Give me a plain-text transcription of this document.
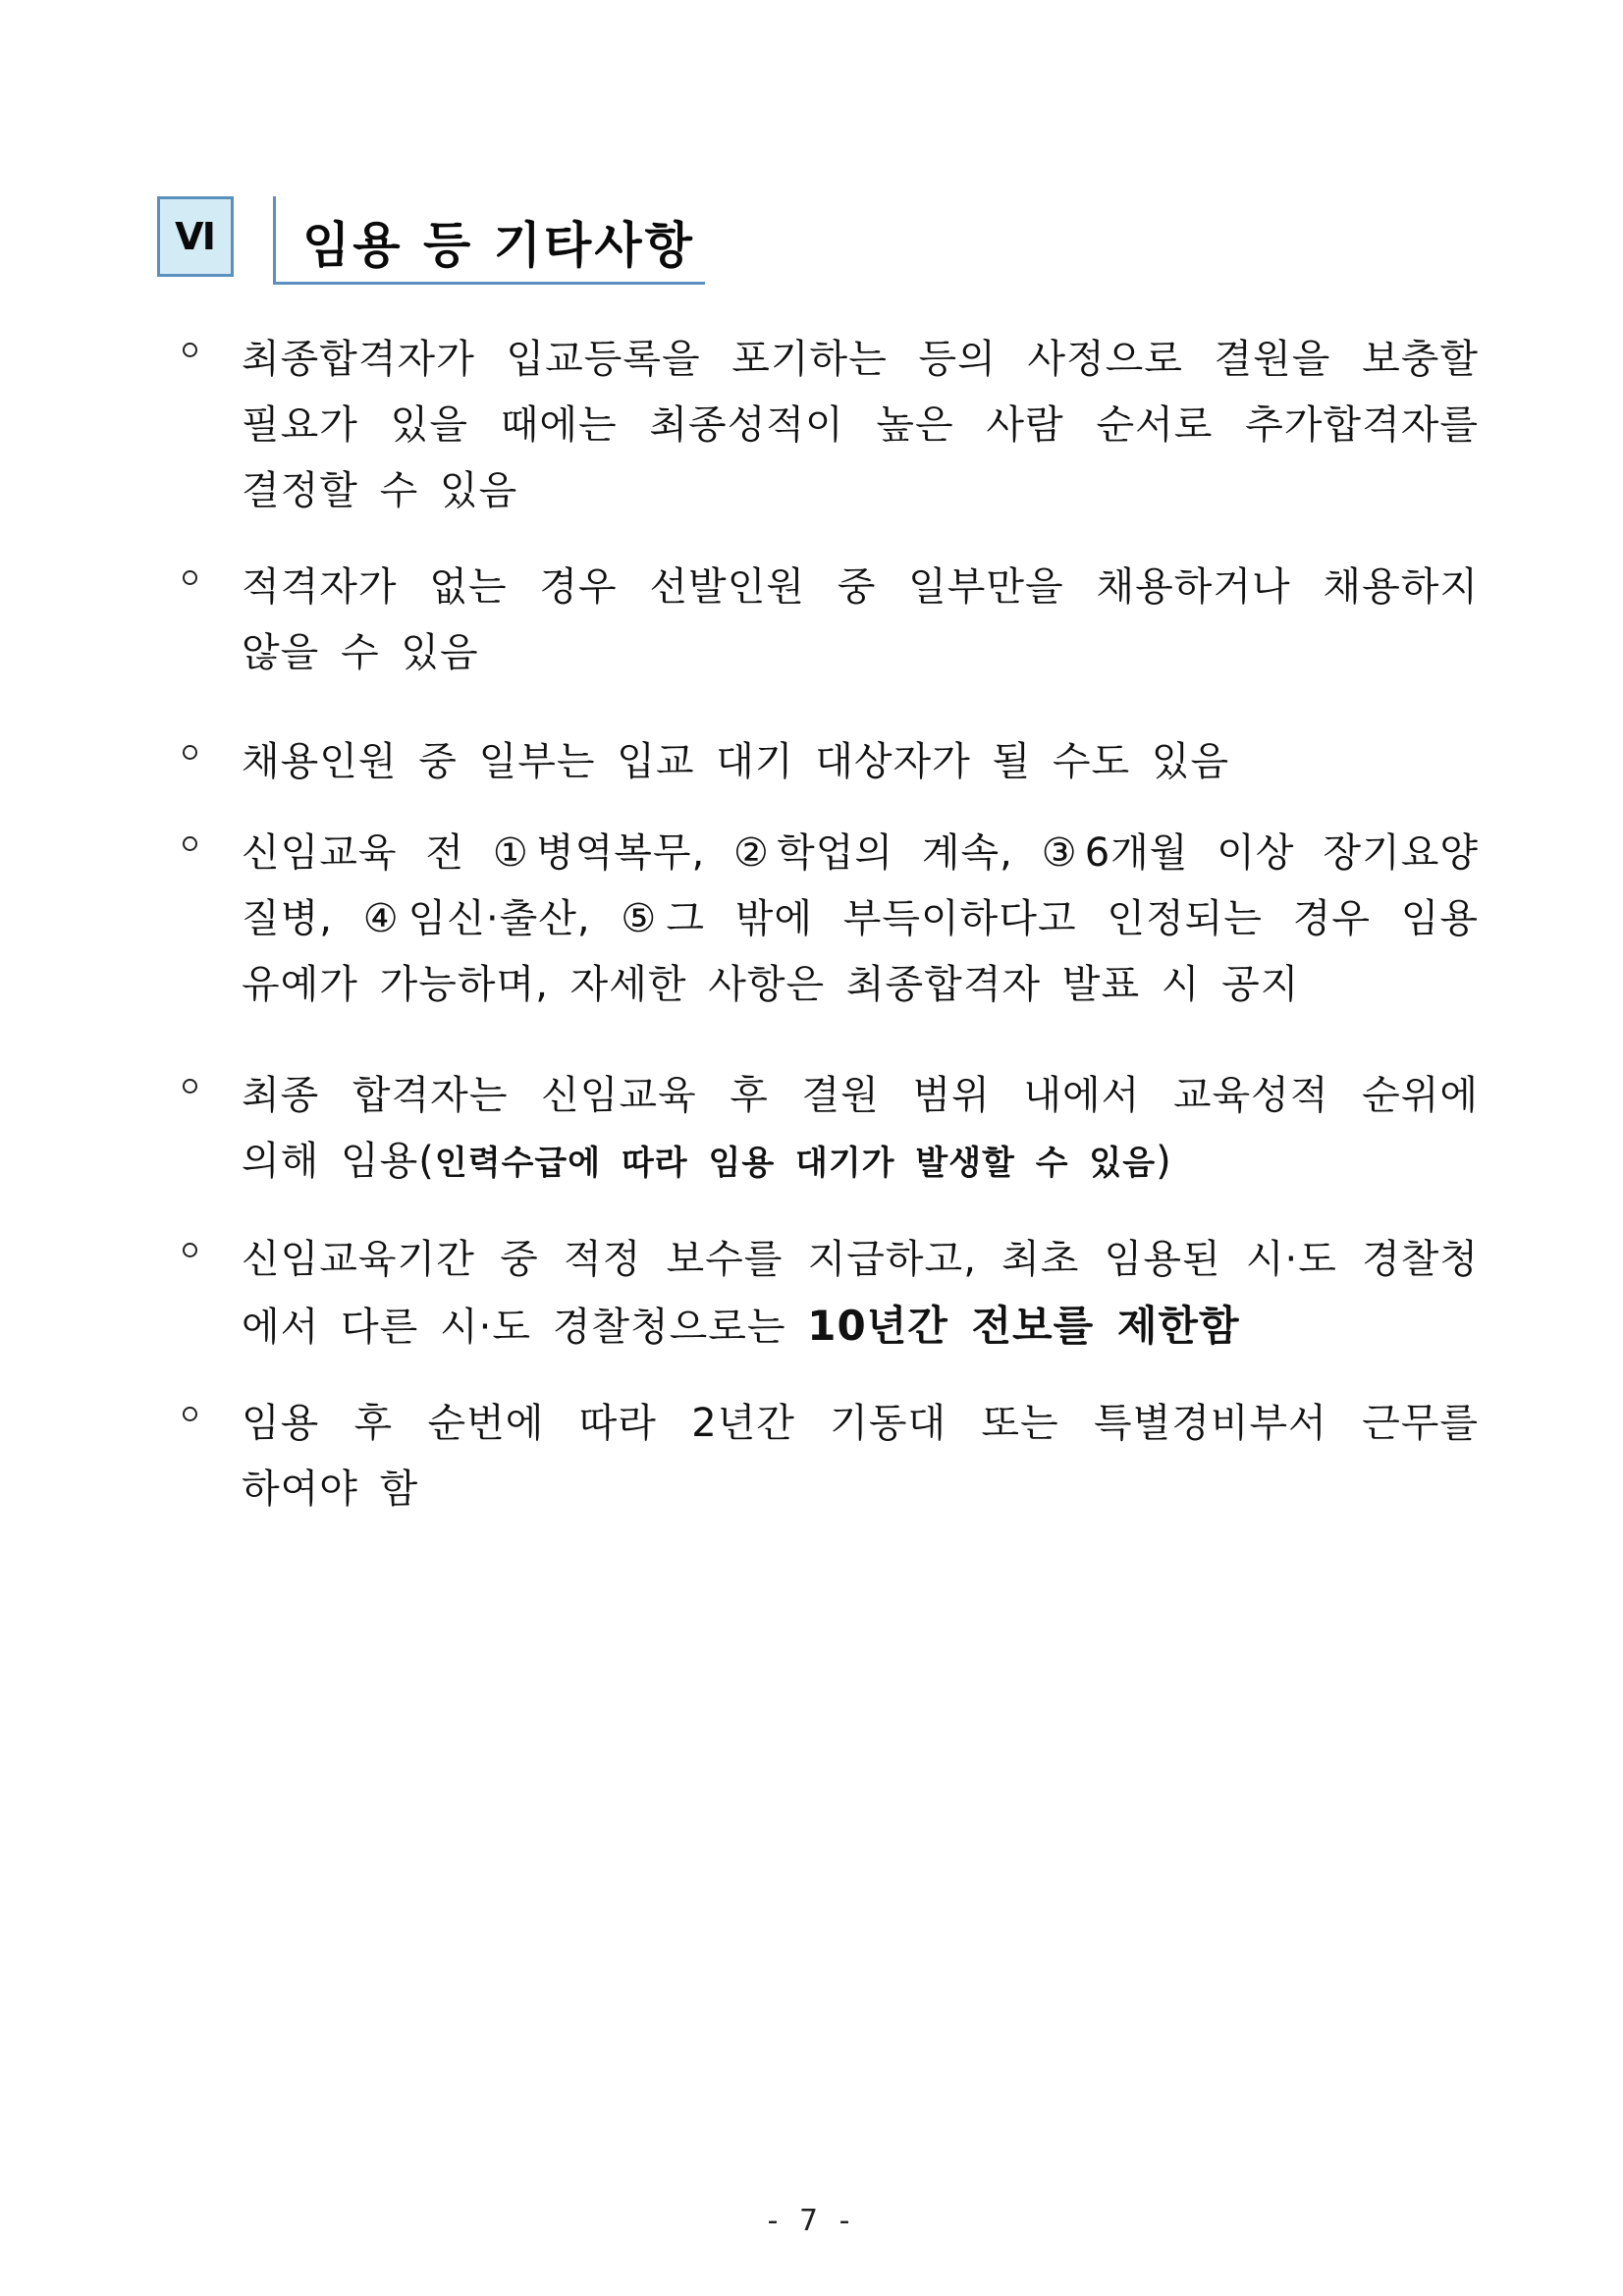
Ⅵ	임용 등 기타사항
최종합격자가 입교등록을 포기하는 등의 사정으로 결원을 보충할
필요가 있을 때에는 최종성적이 높은 사람 순서로 추가합격자를
결정할 수 있음
적격자가 없는 경우 선발인원 중 일부만을 채용하거나 채용하지
않을 수 있음
채용인원 중 일부는 입교 대기 대상자가 될 수도 있음
신임교육 전 ①병역복무, ②학업의 계속, ③6개월 이상 장기요양
질병, ④임신·출산, ⑤그 밖에 부득이하다고 인정되는 경우 임용
유예가 가능하며, 자세한 사항은 최종합격자 발표 시 공지
최종 합격자는 신임교육 후 결원 범위 내에서 교육성적 순위에
의해 임용(인력수급에 따라 임용 대기가 발생할 수 있음)
신임교육기간 중 적정 보수를 지급하고, 최초 임용된 시·도 경찰청
에서 다른 시·도 경찰청으로는 10년간 전보를 제한함
임용 후 순번에 따라 2년간 기동대 또는 특별경비부서 근무를
하여야 함
- 7 -
